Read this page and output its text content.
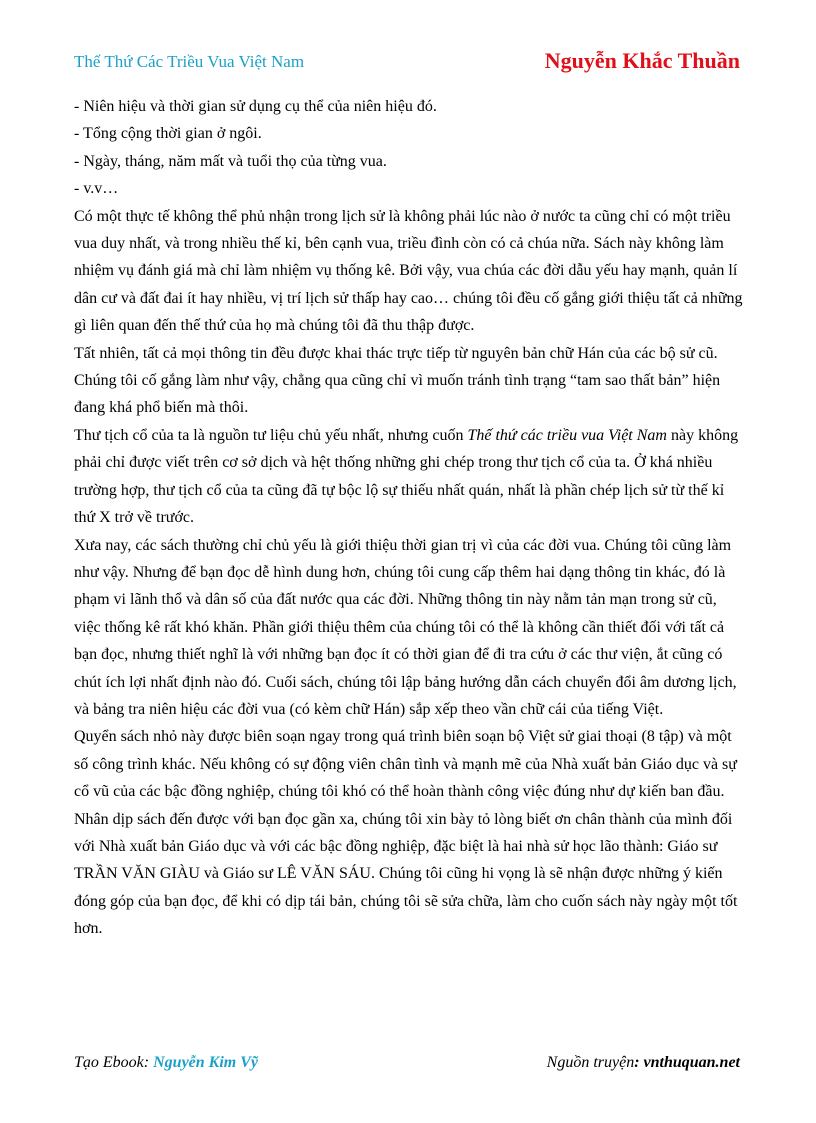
Thế Thứ Các Triều Vua Việt Nam	Nguyễn Khắc Thuần

- Niên hiệu và thời gian sử dụng cụ thể của niên hiệu đó.

- Tổng cộng thời gian ở ngôi.

- Ngày, tháng, năm mất và tuổi thọ của từng vua.

- v.v…

Có một thực tế không thể phủ nhận trong lịch sử là không phải lúc nào ở nước ta cũng chỉ có một triều vua duy nhất, và trong nhiều thế kỉ, bên cạnh vua, triều đình còn có cả chúa nữa. Sách này không làm nhiệm vụ đánh giá mà chỉ làm nhiệm vụ thống kê. Bởi vậy, vua chúa các đời dẫu yếu hay mạnh, quản lí dân cư và đất đai ít hay nhiều, vị trí lịch sử thấp hay cao… chúng tôi đều cố gắng giới thiệu tất cả những gì liên quan đến thế thứ của họ mà chúng tôi đã thu thập được.

Tất nhiên, tất cả mọi thông tin đều được khai thác trực tiếp từ nguyên bản chữ Hán của các bộ sử cũ. Chúng tôi cố gắng làm như vậy, chẳng qua cũng chỉ vì muốn tránh tình trạng “tam sao thất bản” hiện đang khá phổ biến mà thôi.

Thư tịch cổ của ta là nguồn tư liệu chủ yếu nhất, nhưng cuốn Thế thứ các triều vua Việt Nam này không phải chỉ được viết trên cơ sở dịch và hệt thống những ghi chép trong thư tịch cổ của ta. Ở khá nhiều trường hợp, thư tịch cổ của ta cũng đã tự bộc lộ sự thiếu nhất quán, nhất là phần chép lịch sử từ thế kỉ thứ X trở về trước.

Xưa nay, các sách thường chỉ chủ yếu là giới thiệu thời gian trị vì của các đời vua. Chúng tôi cũng làm như vậy. Nhưng để bạn đọc dễ hình dung hơn, chúng tôi cung cấp thêm hai dạng thông tin khác, đó là phạm vi lãnh thổ và dân số của đất nước qua các đời. Những thông tin này nằm tản mạn trong sử cũ, việc thống kê rất khó khăn. Phần giới thiệu thêm của chúng tôi có thể là không cần thiết đối với tất cả bạn đọc, nhưng thiết nghĩ là với những bạn đọc ít có thời gian để đi tra cứu ở các thư viện, ắt cũng có chút ích lợi nhất định nào đó. Cuối sách, chúng tôi lập bảng hướng dẫn cách chuyển đổi âm dương lịch, và bảng tra niên hiệu các đời vua (có kèm chữ Hán) sắp xếp theo vần chữ cái của tiếng Việt.

Quyển sách nhỏ này được biên soạn ngay trong quá trình biên soạn bộ Việt sử giai thoại (8 tập) và một số công trình khác. Nếu không có sự động viên chân tình và mạnh mẽ của Nhà xuất bản Giáo dục và sự cổ vũ của các bậc đồng nghiệp, chúng tôi khó có thể hoàn thành công việc đúng như dự kiến ban đầu. Nhân dịp sách đến được với bạn đọc gần xa, chúng tôi xin bày tỏ lòng biết ơn chân thành của mình đối với Nhà xuất bản Giáo dục và với các bậc đồng nghiệp, đặc biệt là hai nhà sử học lão thành: Giáo sư TRẦN VĂN GIÀU và Giáo sư LÊ VĂN SÁU. Chúng tôi cũng hi vọng là sẽ nhận được những ý kiến đóng góp của bạn đọc, để khi có dịp tái bản, chúng tôi sẽ sửa chữa, làm cho cuốn sách này ngày một tốt hơn.

Tạo Ebook: Nguyễn Kim Vỹ	Nguồn truyện: vnthuquan.net
